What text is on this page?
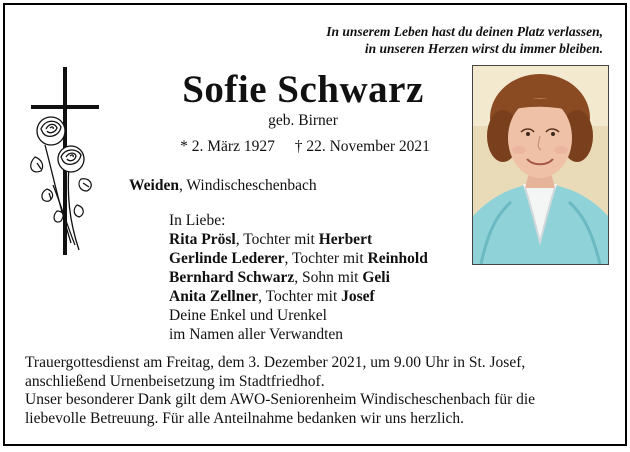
In unserem Leben hast du deinen Platz verlassen,
in unseren Herzen wirst du immer bleiben.
Sofie Schwarz
geb. Birner
* 2. März 1927 † 22. November 2021
Weiden, Windischeschenbach
In Liebe:
Rita Prösl, Tochter mit Herbert
Gerlinde Lederer, Tochter mit Reinhold
Bernhard Schwarz, Sohn mit Geli
Anita Zellner, Tochter mit Josef
Deine Enkel und Urenkel
im Namen aller Verwandten
Trauergottesdienst am Freitag, dem 3. Dezember 2021, um 9.00 Uhr in St. Josef,
anschließend Urnenbeisetzung im Stadtfriedhof.
Unser besonderer Dank gilt dem AWO-Seniorenheim Windischeschenbach für die
liebevolle Betreuung. Für alle Anteilnahme bedanken wir uns herzlich.
